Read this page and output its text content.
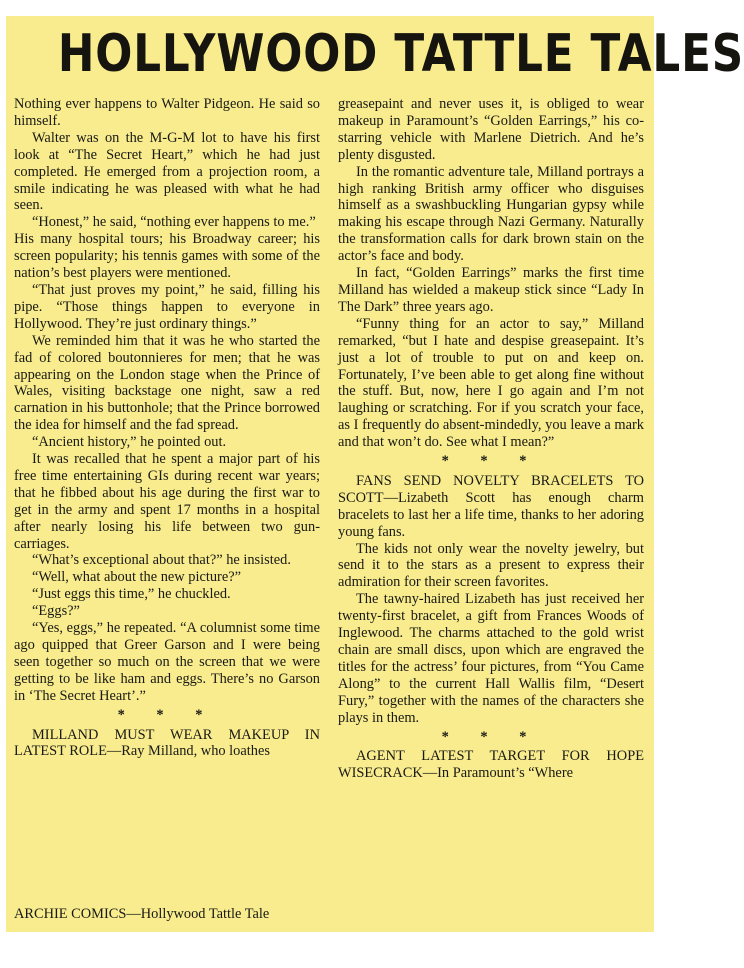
HOLLYWOOD TATTLE TALES

Nothing ever happens to Walter Pidgeon. He said so himself.

Walter was on the M-G-M lot to have his first look at “The Secret Heart,” which he had just completed. He emerged from a projection room, a smile indicating he was pleased with what he had seen.

“Honest,” he said, “nothing ever happens to me.”

His many hospital tours; his Broadway career; his screen popularity; his tennis games with some of the nation’s best players were mentioned.

“That just proves my point,” he said, filling his pipe. “Those things happen to everyone in Hollywood. They’re just ordinary things.”

We reminded him that it was he who started the fad of colored boutonnieres for men; that he was appearing on the London stage when the Prince of Wales, visiting backstage one night, saw a red carnation in his buttonhole; that the Prince borrowed the idea for himself and the fad spread.

“Ancient history,” he pointed out.

It was recalled that he spent a major part of his free time entertaining GIs during recent war years; that he fibbed about his age during the first war to get in the army and spent 17 months in a hospital after nearly losing his life between two gun-carriages.

“What’s exceptional about that?” he insisted.

“Well, what about the new picture?”

“Just eggs this time,” he chuckled.

“Eggs?”

“Yes, eggs,” he repeated. “A columnist some time ago quipped that Greer Garson and I were being seen together so much on the screen that we were getting to be like ham and eggs. There’s no Garson in ‘The Secret Heart’.”

* * *

MILLAND MUST WEAR MAKEUP IN LATEST ROLE—Ray Milland, who loathes

greasepaint and never uses it, is obliged to wear makeup in Paramount’s “Golden Earrings,” his co-starring vehicle with Marlene Dietrich. And he’s plenty disgusted.

In the romantic adventure tale, Milland portrays a high ranking British army officer who disguises himself as a swashbuckling Hungarian gypsy while making his escape through Nazi Germany. Naturally the transformation calls for dark brown stain on the actor’s face and body.

In fact, “Golden Earrings” marks the first time Milland has wielded a makeup stick since “Lady In The Dark” three years ago.

“Funny thing for an actor to say,” Milland remarked, “but I hate and despise greasepaint. It’s just a lot of trouble to put on and keep on. Fortunately, I’ve been able to get along fine without the stuff. But, now, here I go again and I’m not laughing or scratching. For if you scratch your face, as I frequently do absent-mindedly, you leave a mark and that won’t do. See what I mean?”

* * *

FANS SEND NOVELTY BRACELETS TO SCOTT—Lizabeth Scott has enough charm bracelets to last her a life time, thanks to her adoring young fans.

The kids not only wear the novelty jewelry, but send it to the stars as a present to express their admiration for their screen favorites.

The tawny-haired Lizabeth has just received her twenty-first bracelet, a gift from Frances Woods of Inglewood. The charms attached to the gold wrist chain are small discs, upon which are engraved the titles for the actress’ four pictures, from “You Came Along” to the current Hall Wallis film, “Desert Fury,” together with the names of the characters she plays in them.

* * *

AGENT LATEST TARGET FOR HOPE WISECRACK—In Paramount’s “Where

ARCHIE COMICS—Hollywood Tattle Tale
